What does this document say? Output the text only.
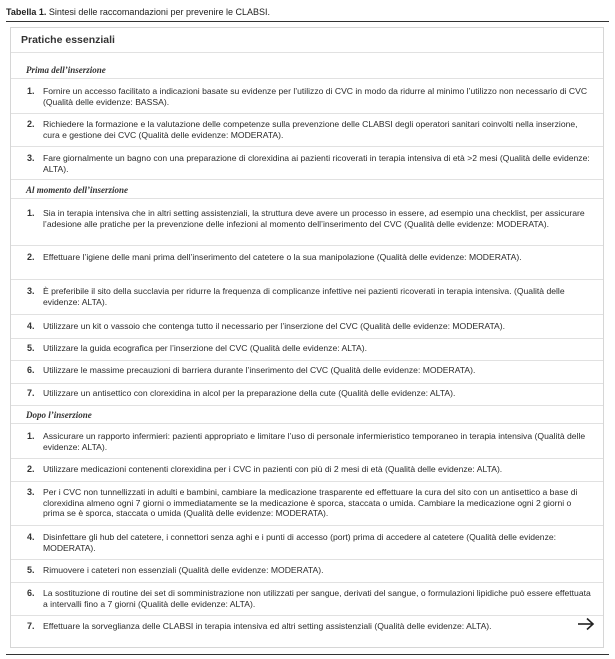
Tabella 1. Sintesi delle raccomandazioni per prevenire le CLABSI.
Pratiche essenziali
Prima dell’inserzione
1. Fornire un accesso facilitato a indicazioni basate su evidenze per l’utilizzo di CVC in modo da ridurre al minimo l’utilizzo non necessario di CVC (Qualità delle evidenze: BASSA).
2. Richiedere la formazione e la valutazione delle competenze sulla prevenzione delle CLABSI degli operatori sanitari coinvolti nella inserzione, cura e gestione dei CVC (Qualità delle evidenze: MODERATA).
3. Fare giornalmente un bagno con una preparazione di clorexidina ai pazienti ricoverati in terapia intensiva di età >2 mesi (Qualità delle evidenze: ALTA).
Al momento dell’inserzione
1. Sia in terapia intensiva che in altri setting assistenziali, la struttura deve avere un processo in essere, ad esempio una checklist, per assicurare l’adesione alle pratiche per la prevenzione delle infezioni al momento dell’inserimento del CVC (Qualità delle evidenze: MODERATA).
2. Effettuare l’igiene delle mani prima dell’inserimento del catetere o la sua manipolazione (Qualità delle evidenze: MODERATA).
3. È preferibile il sito della succlavia per ridurre la frequenza di complicanze infettive nei pazienti ricoverati in terapia intensiva. (Qualità delle evidenze: ALTA).
4. Utilizzare un kit o vassoio che contenga tutto il necessario per l’inserzione del CVC (Qualità delle evidenze: MODERATA).
5. Utilizzare la guida ecografica per l’inserzione del CVC (Qualità delle evidenze: ALTA).
6. Utilizzare le massime precauzioni di barriera durante l’inserimento del CVC (Qualità delle evidenze: MODERATA).
7. Utilizzare un antisettico con clorexidina in alcol per la preparazione della cute (Qualità delle evidenze: ALTA).
Dopo l’inserzione
1. Assicurare un rapporto infermieri: pazienti appropriato e limitare l’uso di personale infermieristico temporaneo in terapia intensiva (Qualità delle evidenze: ALTA).
2. Utilizzare medicazioni contenenti clorexidina per i CVC in pazienti con più di 2 mesi di età (Qualità delle evidenze: ALTA).
3. Per i CVC non tunnellizzati in adulti e bambini, cambiare la medicazione trasparente ed effettuare la cura del sito con un antisettico a base di clorexidina almeno ogni 7 giorni o immediatamente se la medicazione è sporca, staccata o umida. Cambiare la medicazione ogni 2 giorni o prima se è sporca, staccata o umida (Qualità delle evidenze: MODERATA).
4. Disinfettare gli hub del catetere, i connettori senza aghi e i punti di accesso (port) prima di accedere al catetere (Qualità delle evidenze: MODERATA).
5. Rimuovere i cateteri non essenziali (Qualità delle evidenze: MODERATA).
6. La sostituzione di routine dei set di somministrazione non utilizzati per sangue, derivati del sangue, o formulazioni lipidiche può essere effettuata a intervalli fino a 7 giorni (Qualità delle evidenze: ALTA).
7. Effettuare la sorveglianza delle CLABSI in terapia intensiva ed altri setting assistenziali (Qualità delle evidenze: ALTA).
